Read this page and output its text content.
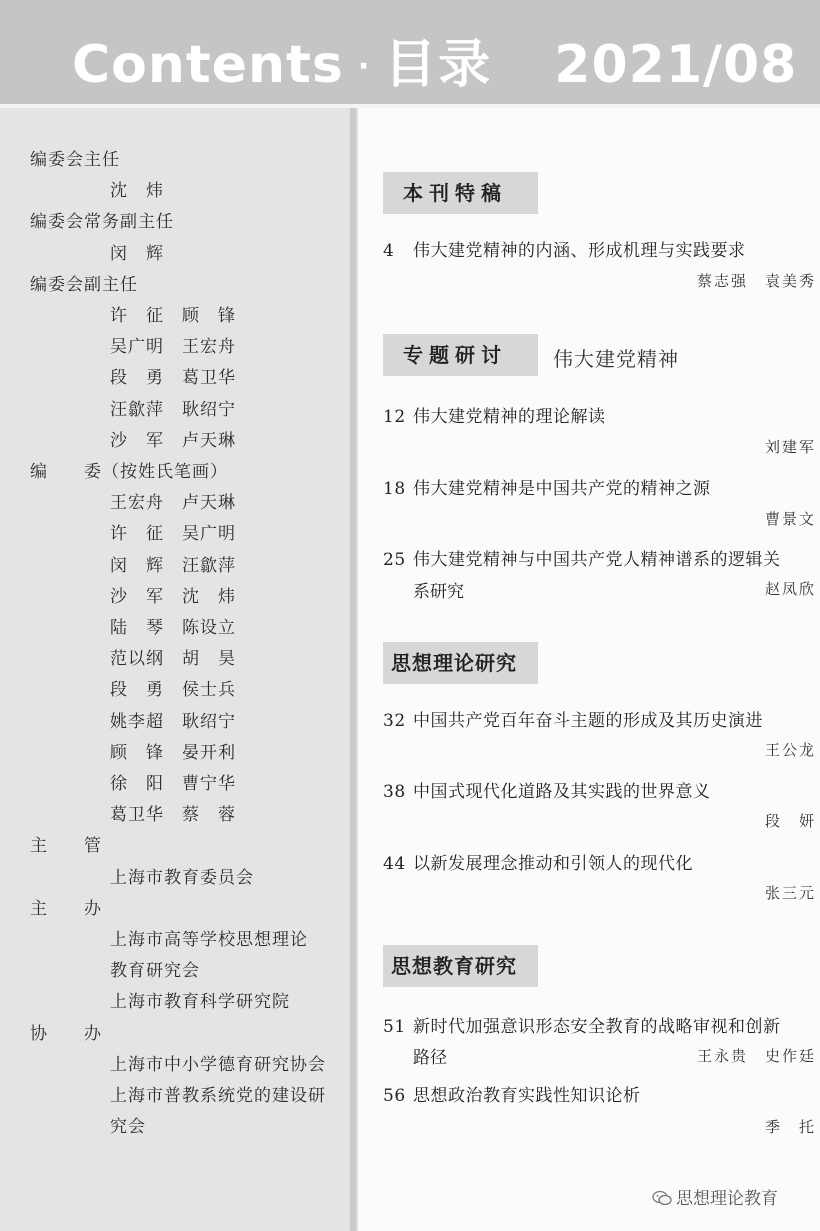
Contents · 目录 2021/08
编委会主任
沈　炜
编委会常务副主任
闵　辉
编委会副主任
许　征 顾　锋
吴广明 王宏舟
段　勇 葛卫华
汪歙萍 耿绍宁
沙　军 卢天琳
编　　委（按姓氏笔画）
王宏舟 卢天琳
许　征 吴广明
闵　辉 汪歙萍
沙　军 沈　炜
陆　琴 陈设立
范以纲 胡　昊
段　勇 侯士兵
姚李超 耿绍宁
顾　锋 晏开利
徐　阳 曹宁华
葛卫华 蔡　蓉
主　　管
上海市教育委员会
主　　办
上海市高等学校思想理论
教育研究会
上海市教育科学研究院
协　　办
上海市中小学德育研究协会
上海市普教系统党的建设研
究会
本刊特稿
4 伟大建党精神的内涵、形成机理与实践要求
蔡志强　袁美秀
专题研讨	伟大建党精神
12 伟大建党精神的理论解读
刘建军
18 伟大建党精神是中国共产党的精神之源
曹景文
25 伟大建党精神与中国共产党人精神谱系的逻辑关
系研究	赵凤欣
思想理论研究
32 中国共产党百年奋斗主题的形成及其历史演进
王公龙
38 中国式现代化道路及其实践的世界意义
段　妍
44 以新发展理念推动和引领人的现代化
张三元
思想教育研究
51 新时代加强意识形态安全教育的战略审视和创新
路径	王永贵　史作廷
56 思想政治教育实践性知识论析
季　托
思想理论教育
